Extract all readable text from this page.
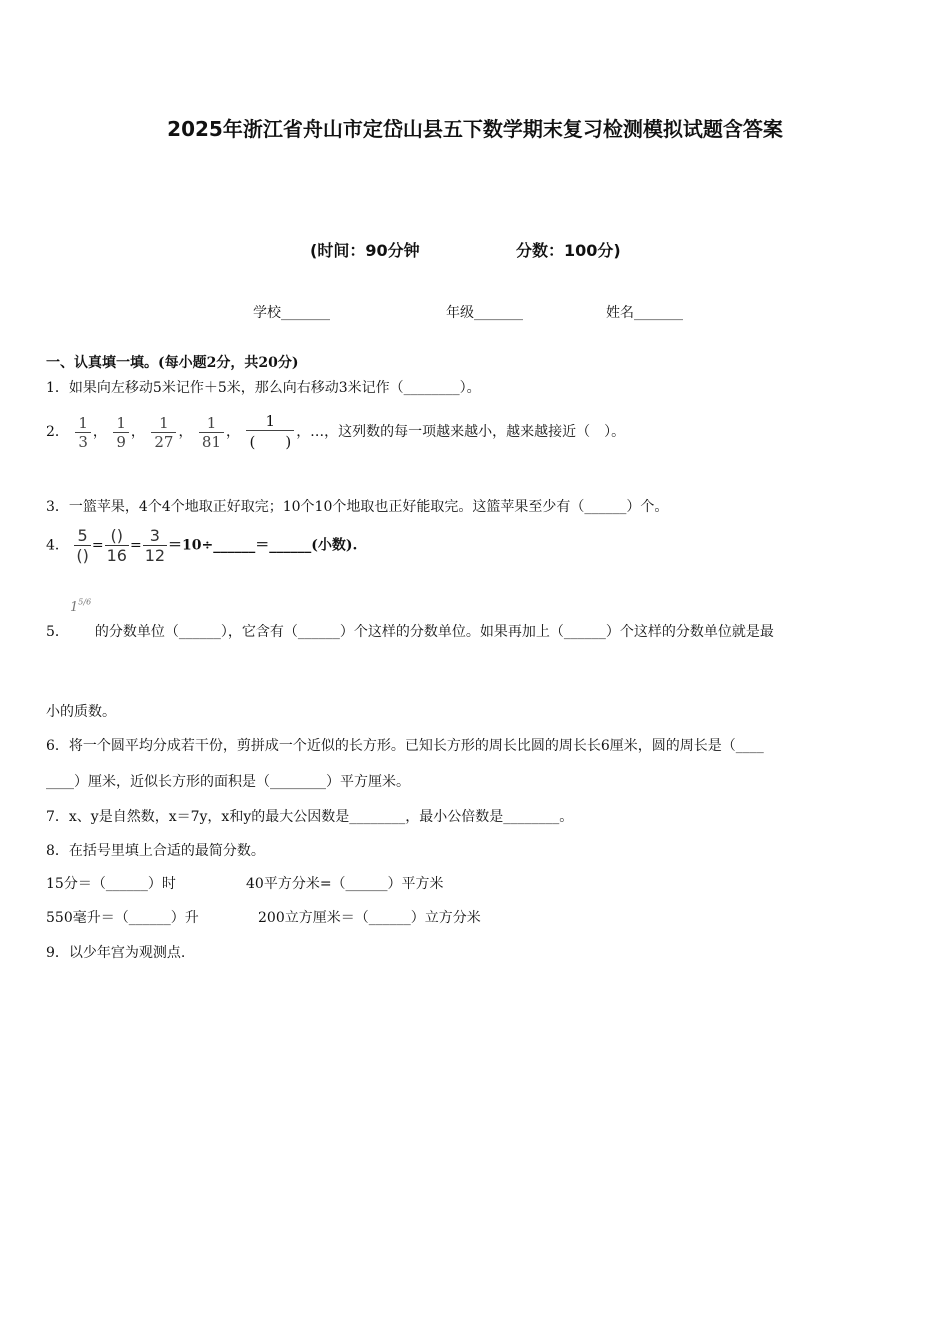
2025年浙江省舟山市定岱山县五下数学期末复习检测模拟试题含答案
(时间：90分钟	分数：100分)
学校_______	年级_______	姓名_______
一、认真填一填。(每小题2分，共20分)
1．如果向左移动5米记作＋5米，那么向右移动3米记作（________）。
2． $\frac{1}{3}$ ， $\frac{1}{9}$ ， $\frac{1}{27}$ ， $\frac{1}{81}$ ， $\frac{1}{( )}$ ，…，这列数的每一项越来越小，越来越接近（　）。
3．一篮苹果，4个4个地取正好取完；10个10个地取也正好能取完。这篮苹果至少有（______）个。
4．
5
()
=
()
16
= $\frac{3}{12}$ ＝10÷______＝______(小数).
$1^{5/6}$
5． 的分数单位（______），它含有（______）个这样的分数单位。如果再加上（______）个这样的分数单位就是最
小的质数。
6．将一个圆平均分成若干份，剪拼成一个近似的长方形。已知长方形的周长比圆的周长长6厘米，圆的周长是（____
____）厘米，近似长方形的面积是（________）平方厘米。
7．x、y是自然数，x＝7y，x和y的最大公因数是________，最小公倍数是________。
8．在括号里填上合适的最简分数。
15分＝（______）时	40平方分米=（______）平方米
550毫升＝（______）升	200立方厘米＝（______）立方分米
9．以少年宫为观测点.
